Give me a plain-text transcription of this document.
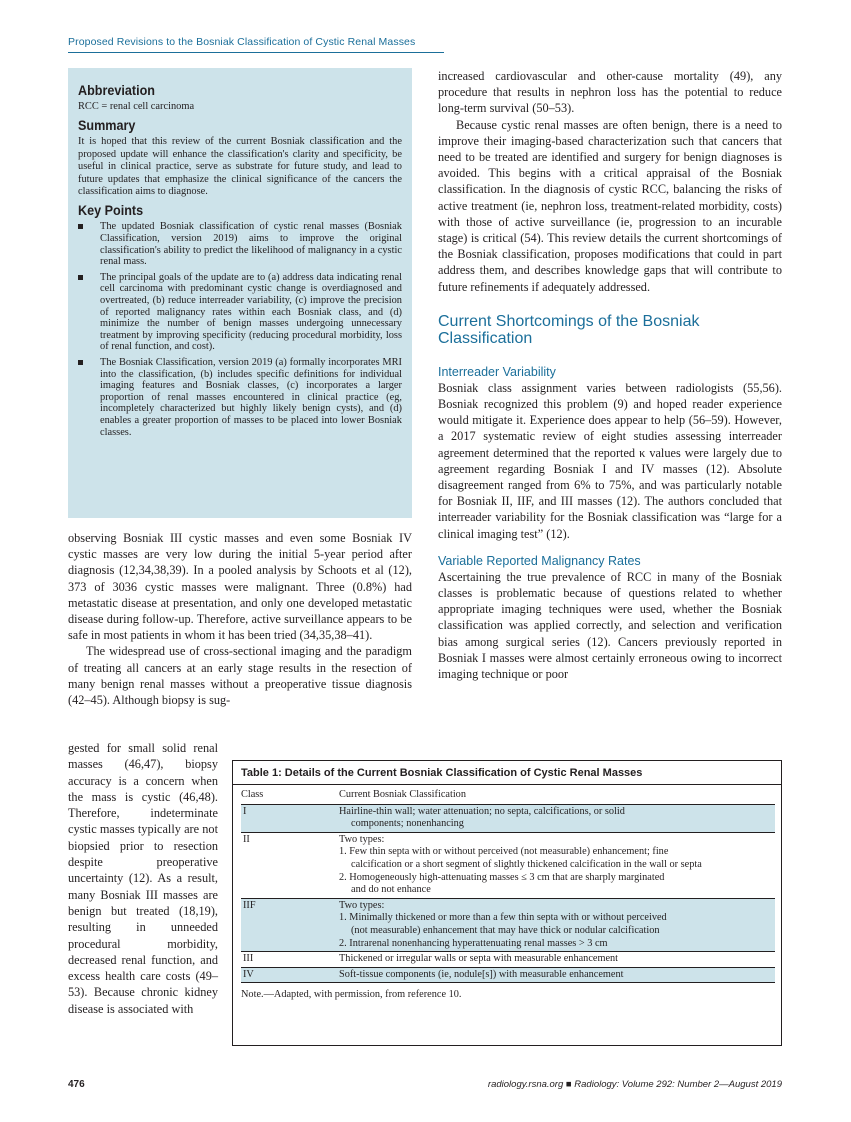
Proposed Revisions to the Bosniak Classification of Cystic Renal Masses
Abbreviation

RCC = renal cell carcinoma

Summary

It is hoped that this review of the current Bosniak classification and the proposed update will enhance the classification's clarity and specificity, be useful in clinical practice, serve as substrate for future study, and lead to future updates that emphasize the clinical significance of the cancers the classification aims to diagnose.

Key Points
The updated Bosniak classification of cystic renal masses (Bosniak Classification, version 2019) aims to improve the original classification's ability to predict the likelihood of malignancy in a cystic renal mass.
The principal goals of the update are to (a) address data indicating renal cell carcinoma with predominant cystic change is overdiagnosed and overtreated, (b) reduce interreader variability, (c) improve the precision of reported malignancy rates within each Bosniak class, and (d) minimize the number of benign masses undergoing unnecessary treatment by improving specificity (reducing procedural morbidity, loss of renal function, and cost).
The Bosniak Classification, version 2019 (a) formally incorporates MRI into the classification, (b) includes specific definitions for individual imaging features and Bosniak classes, (c) incorporates a larger proportion of renal masses encountered in clinical practice (eg, incompletely characterized but highly likely benign cysts), and (d) enables a greater proportion of masses to be placed into lower Bosniak classes.

observing Bosniak III cystic masses and even some Bosniak IV cystic masses are very low during the initial 5-year period after diagnosis (12,34,38,39). In a pooled analysis by Schoots et al (12), 373 of 3036 cystic masses were malignant. Three (0.8%) had metastatic disease at presentation, and only one developed metastatic disease during follow-up. Therefore, active surveillance appears to be safe in most patients in whom it has been tried (34,35,38–41).

The widespread use of cross-sectional imaging and the paradigm of treating all cancers at an early stage results in the resection of many benign renal masses without a preoperative tissue diagnosis (42–45). Although biopsy is sug-

gested for small solid renal masses (46,47), biopsy accuracy is a concern when the mass is cystic (46,48). Therefore, indeterminate cystic masses typically are not biopsied prior to resection despite preoperative uncertainty (12). As a result, many Bosniak III masses are benign but treated (18,19), resulting in unneeded procedural morbidity, decreased renal function, and excess health care costs (49–53). Because chronic kidney disease is associated with

increased cardiovascular and other-cause mortality (49), any procedure that results in nephron loss has the potential to reduce long-term survival (50–53).

Because cystic renal masses are often benign, there is a need to improve their imaging-based characterization such that cancers that need to be treated are identified and surgery for benign diagnoses is avoided. This begins with a critical appraisal of the Bosniak classification. In the diagnosis of cystic RCC, balancing the risks of active treatment (ie, nephron loss, treatment-related morbidity, costs) with those of active surveillance (ie, progression to an incurable stage) is critical (54). This review details the current shortcomings of the Bosniak classification, proposes modifications that could in part address them, and describes knowledge gaps that will contribute to future refinements if adequately addressed.

Current Shortcomings of the Bosniak Classification
Interreader Variability

Bosniak class assignment varies between radiologists (55,56). Bosniak recognized this problem (9) and hoped reader experience would mitigate it. Experience does appear to help (56–59). However, a 2017 systematic review of eight studies assessing interreader agreement determined that the reported κ values were largely due to agreement regarding Bosniak I and IV masses (12). Absolute disagreement ranged from 6% to 75%, and was particularly notable for Bosniak II, IIF, and III masses (12). The authors concluded that interreader variability for the Bosniak classification was “large for a clinical imaging test” (12).

Variable Reported Malignancy Rates

Ascertaining the true prevalence of RCC in many of the Bosniak classes is problematic because of questions related to whether appropriate imaging techniques were used, whether the Bosniak classification was applied correctly, and selection and verification bias among surgical series (12). Cancers previously reported in Bosniak I masses were almost certainly erroneous owing to incorrect imaging technique or poor

Table 1: Details of the Current Bosniak Classification of Cystic Renal Masses
Class	Current Bosniak Classification
I	Hairline-thin wall; water attenuation; no septa, calcifications, or solid
components; nonenhancing

II	Two types:
1. Few thin septa with or without perceived (not measurable) enhancement; fine
calcification or a short segment of slightly thickened calcification in the wall or septa
2. Homogeneously high-attenuating masses ≤ 3 cm that are sharply marginated
and do not enhance

IIF	Two types:
1. Minimally thickened or more than a few thin septa with or without perceived
(not measurable) enhancement that may have thick or nodular calcification
2. Intrarenal nonenhancing hyperattenuating renal masses > 3 cm

III	Thickened or irregular walls or septa with measurable enhancement

IV	Soft-tissue components (ie, nodule[s]) with measurable enhancement
Note.—Adapted, with permission, from reference 10.
476	radiology.rsna.org ■ Radiology: Volume 292: Number 2—August 2019
